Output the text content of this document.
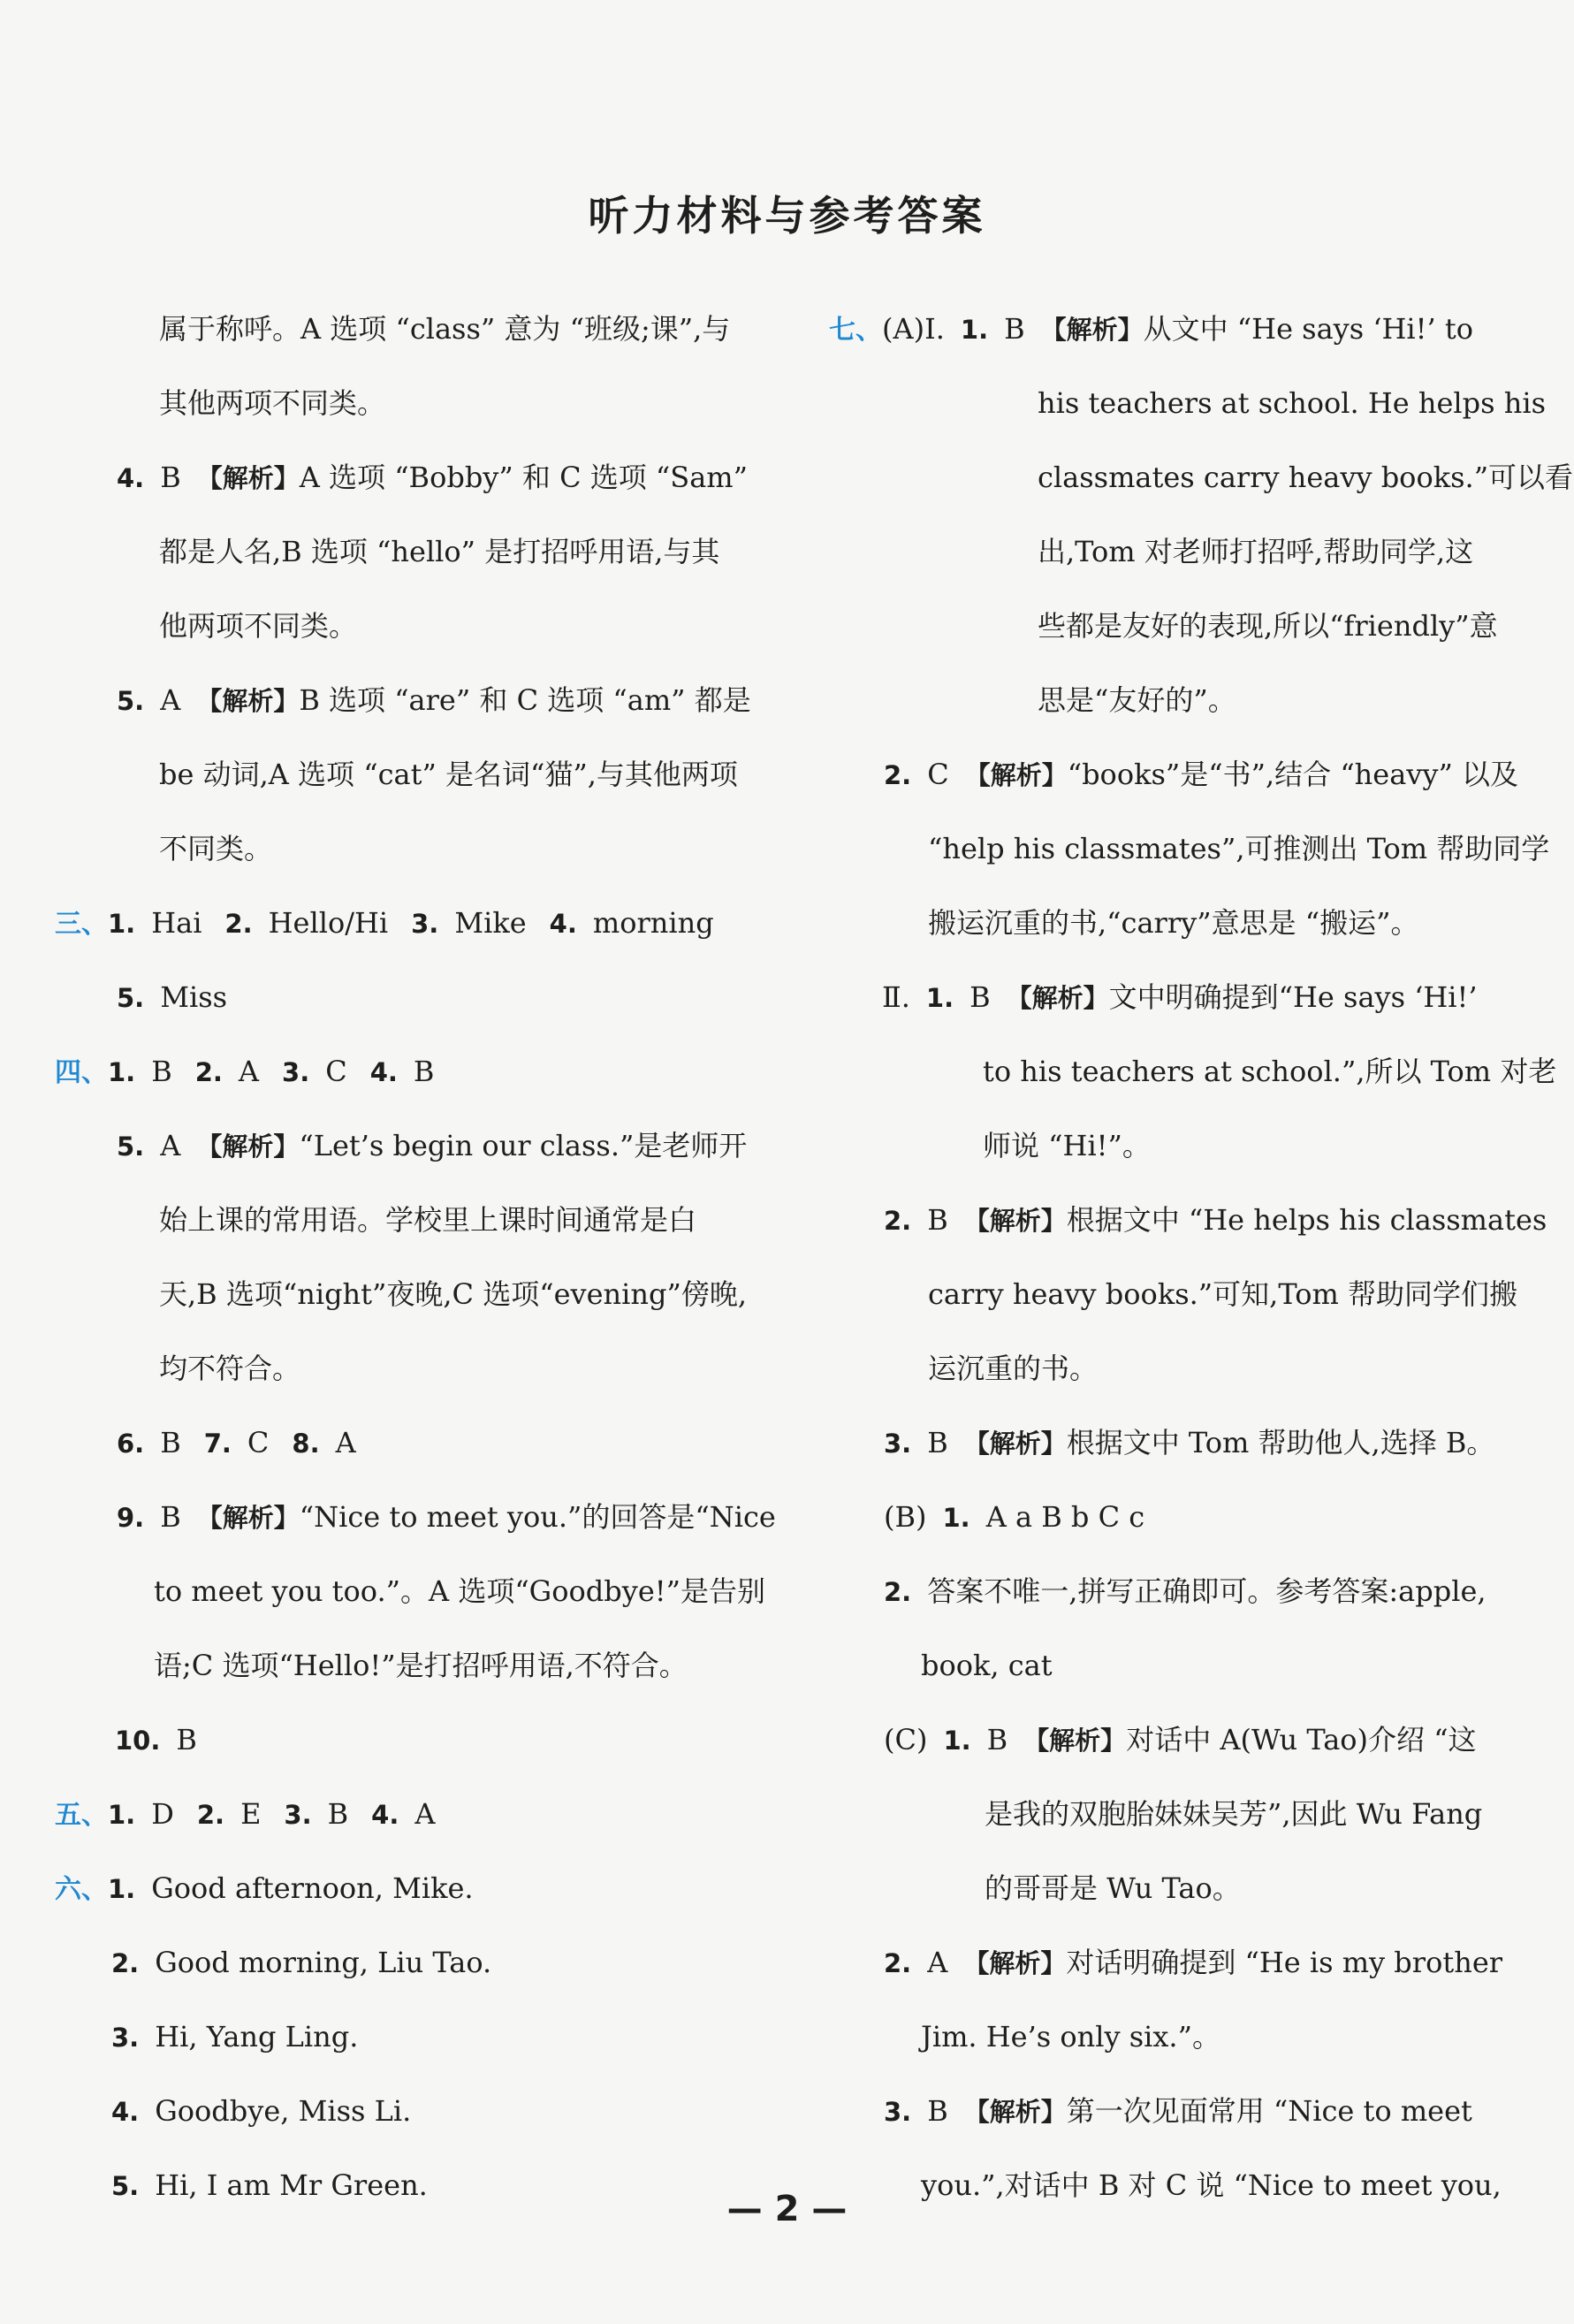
听力材料与参考答案
属于称呼。A 选项 “class” 意为 “班级;课”,与
其他两项不同类。
4. B 【解析】A 选项 “Bobby” 和 C 选项 “Sam”
都是人名,B 选项 “hello” 是打招呼用语,与其
他两项不同类。
5. A 【解析】B 选项 “are” 和 C 选项 “am” 都是
be 动词,A 选项 “cat” 是名词“猫”,与其他两项
不同类。
三、1. Hai 2. Hello/Hi 3. Mike 4. morning
5. Miss
四、1. B 2. A 3. C 4. B
5. A 【解析】“Let’s begin our class.”是老师开
始上课的常用语。学校里上课时间通常是白
天,B 选项“night”夜晚,C 选项“evening”傍晚,
均不符合。
6. B 7. C 8. A
9. B 【解析】“Nice to meet you.”的回答是“Nice
to meet you too.”。A 选项“Goodbye!”是告别
语;C 选项“Hello!”是打招呼用语,不符合。
10. B
五、1. D 2. E 3. B 4. A
六、1. Good afternoon, Mike.
2. Good morning, Liu Tao.
3. Hi, Yang Ling.
4. Goodbye, Miss Li.
5. Hi, I am Mr Green.
七、(A)Ⅰ. 1. B 【解析】从文中 “He says ‘Hi!’ to
his teachers at school. He helps his
classmates carry heavy books.”可以看
出,Tom 对老师打招呼,帮助同学,这
些都是友好的表现,所以“friendly”意
思是“友好的”。
2. C 【解析】“books”是“书”,结合 “heavy” 以及
“help his classmates”,可推测出 Tom 帮助同学
搬运沉重的书,“carry”意思是 “搬运”。
Ⅱ. 1. B 【解析】文中明确提到“He says ‘Hi!’
to his teachers at school.”,所以 Tom 对老
师说 “Hi!”。
2. B 【解析】根据文中 “He helps his classmates
carry heavy books.”可知,Tom 帮助同学们搬
运沉重的书。
3. B 【解析】根据文中 Tom 帮助他人,选择 B。
(B) 1. A a B b C c
2. 答案不唯一,拼写正确即可。参考答案:apple,
book, cat
(C) 1. B 【解析】对话中 A(Wu Tao)介绍 “这
是我的双胞胎妹妹吴芳”,因此 Wu Fang
的哥哥是 Wu Tao。
2. A 【解析】对话明确提到 “He is my brother
Jim. He’s only six.”。
3. B 【解析】第一次见面常用 “Nice to meet
you.”,对话中 B 对 C 说 “Nice to meet you,
— 2 —
